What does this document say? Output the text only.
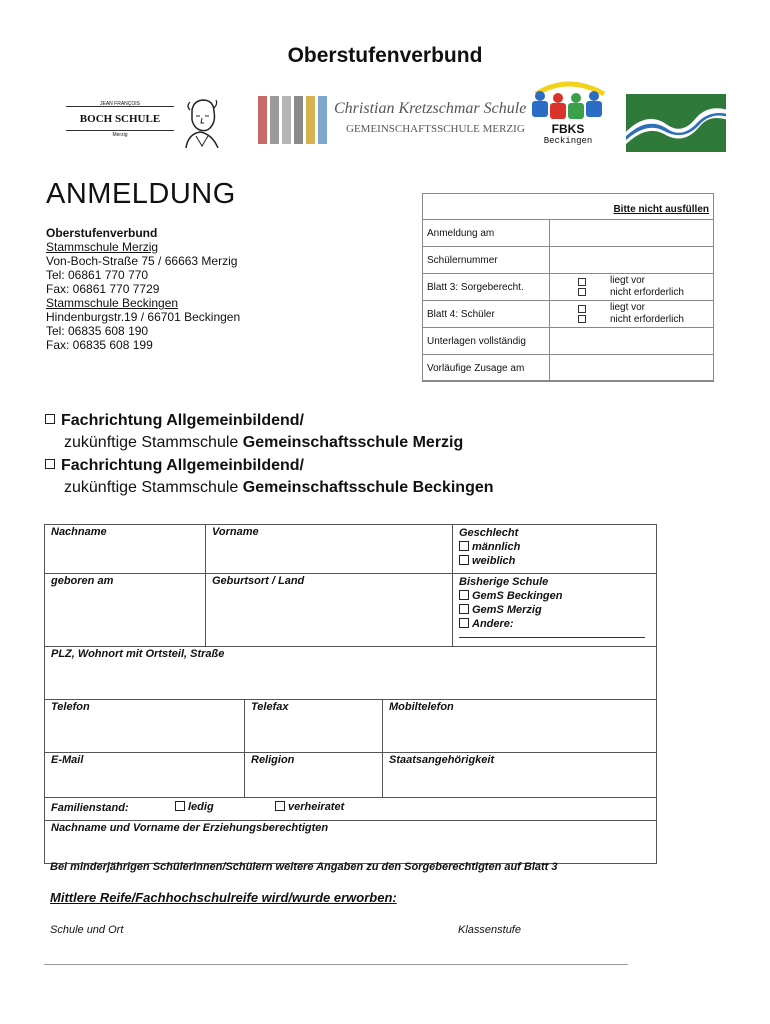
Oberstufenverbund
JEAN FRANÇOIS
BOCH SCHULE
Merzig
Christian Kretzschmar Schule
GEMEINSCHAFTSSCHULE MERZIG	FBKS
Beckingen
ANMELDUNG
Oberstufenverbund
Stammschule Merzig
Von-Boch-Straße 75 / 66663 Merzig
Tel: 06861 770 770
Fax: 06861 770 7729
Stammschule Beckingen
Hindenburgstr.19 / 66701 Beckingen
Tel: 06835 608 190
Fax: 06835 608 199
Bitte nicht ausfüllen
Anmeldung am
Schülernummer
Blatt 3: Sorgeberecht.
liegt vor
nicht erforderlich
Blatt 4: Schüler
liegt vor
nicht erforderlich
Unterlagen vollständig
Vorläufige Zusage am
Fachrichtung Allgemeinbildend/
zukünftige Stammschule Gemeinschaftsschule Merzig
Fachrichtung Allgemeinbildend/
zukünftige Stammschule Gemeinschaftsschule Beckingen
Nachname	Vorname	Geschlecht
männlich
weiblich
geboren am	Geburtsort / Land	Bisherige Schule
GemS Beckingen
GemS Merzig
Andere:
PLZ, Wohnort mit Ortsteil, Straße
Telefon	Telefax	Mobiltelefon
E-Mail	Religion	Staatsangehörigkeit
Familienstand:	ledig	verheiratet
Nachname und Vorname der Erziehungsberechtigten
Bei minderjährigen Schülerinnen/Schülern weitere Angaben zu den Sorgeberechtigten auf Blatt 3
Mittlere Reife/Fachhochschulreife wird/wurde erworben:
Schule und Ort	Klassenstufe
